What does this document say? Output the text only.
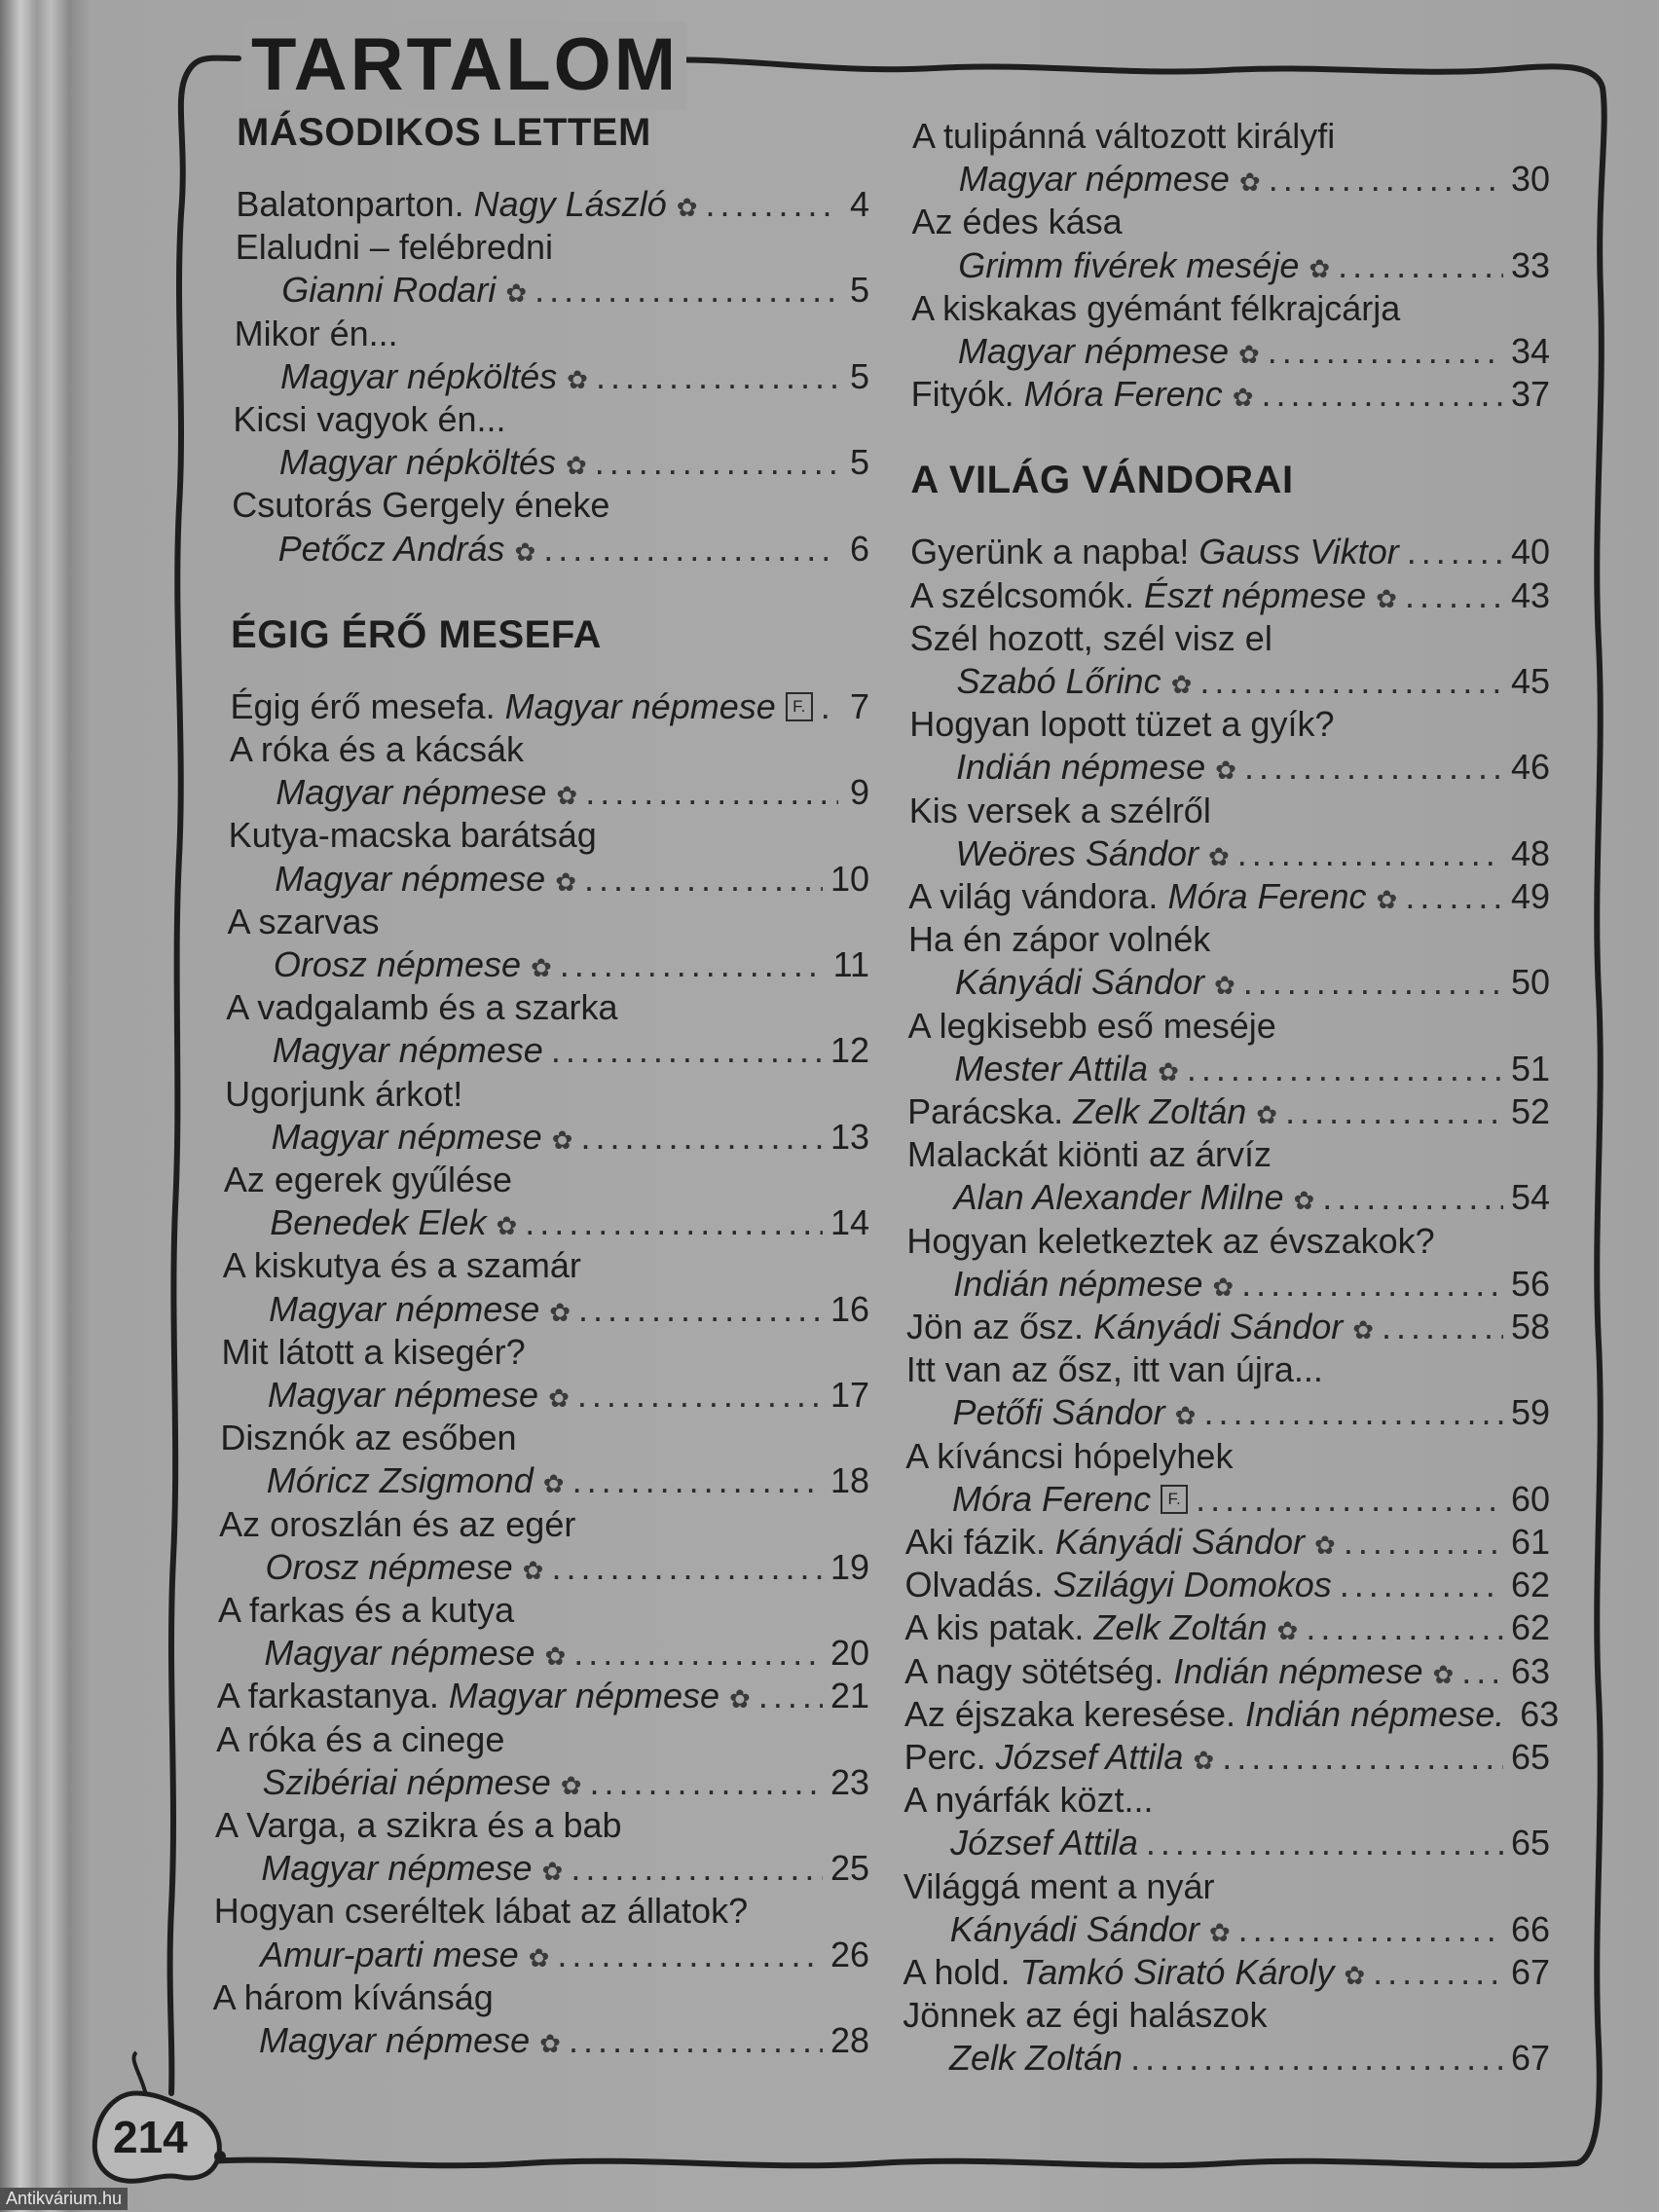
TARTALOM
MÁSODIKOS LETTEM
Balatonparton. Nagy László ✿ .....	4
Elaludni – felébredni
Gianni Rodari ✿ .....	5
Mikor én...
Magyar népköltés ✿ .....	5
Kicsi vagyok én...
Magyar népköltés ✿ .....	5
Csutorás Gergely éneke
Petőcz András ✿ .....	6
ÉGIG ÉRŐ MESEFA
Égig érő mesefa. Magyar népmese	F. ..... 7
A róka és a kácsák
Magyar népmese ✿ .....	9
Kutya-macska barátság
Magyar népmese ✿ .....	10
A szarvas
Orosz népmese ✿ .....	11
A vadgalamb és a szarka
Magyar népmese .....	12
Ugorjunk árkot!
Magyar népmese ✿ .....	13
Az egerek gyűlése
Benedek Elek ✿ .....	14
A kiskutya és a szamár
Magyar népmese ✿ .....	16
Mit látott a kisegér?
Magyar népmese ✿ .....	17
Disznók az esőben
Móricz Zsigmond ✿ .....	18
Az oroszlán és az egér
Orosz népmese ✿ .....	19
A farkas és a kutya
Magyar népmese ✿ .....	20
A farkastanya. Magyar népmese ✿ ..... 21
A róka és a cinege
Szibériai népmese ✿ .....	23
A Varga, a szikra és a bab
Magyar népmese ✿ .....	25
Hogyan cseréltek lábat az állatok?
Amur-parti mese ✿ .....	26
A három kívánság
Magyar népmese ✿ .....	28
A tulipánná változott királyfi
Magyar népmese ✿ .....	30
Az édes kása
Grimm fivérek meséje ✿ .....	33
A kiskakas gyémánt félkrajcárja
Magyar népmese ✿ .....	34
Fityók. Móra Ferenc ✿ .....	37
A VILÁG VÁNDORAI
Gyerünk a napba! Gauss Viktor .....	40
A szélcsomók. Észt népmese ✿ .....	43
Szél hozott, szél visz el
Szabó Lőrinc ✿ .....	45
Hogyan lopott tüzet a gyík?
Indián népmese ✿ .....	46
Kis versek a szélről
Weöres Sándor ✿ .....	48
A világ vándora. Móra Ferenc ✿ .....	49
Ha én zápor volnék
Kányádi Sándor ✿ .....	50
A legkisebb eső meséje
Mester Attila ✿ .....	51
Parácska. Zelk Zoltán ✿ .....	52
Malackát kiönti az árvíz
Alan Alexander Milne ✿ .....	54
Hogyan keletkeztek az évszakok?
Indián népmese ✿ .....	56
Jön az ősz. Kányádi Sándor ✿ .....	58
Itt van az ősz, itt van újra...
Petőfi Sándor ✿ .....	59
A kíváncsi hópelyhek
Móra Ferenc	F. .....	60
Aki fázik. Kányádi Sándor ✿ .....	61
Olvadás. Szilágyi Domokos .....	62
A kis patak. Zelk Zoltán ✿ .....	62
A nagy sötétség. Indián népmese ✿ ..... 63
Az éjszaka keresése. Indián népmese. 63
Perc. József Attila ✿ .....	65
A nyárfák közt...
József Attila .....	65
Világgá ment a nyár
Kányádi Sándor ✿ .....	66
A hold. Tamkó Sirató Károly ✿ .....	67
Jönnek az égi halászok
Zelk Zoltán .....	67

214

Antikvárium.hu
